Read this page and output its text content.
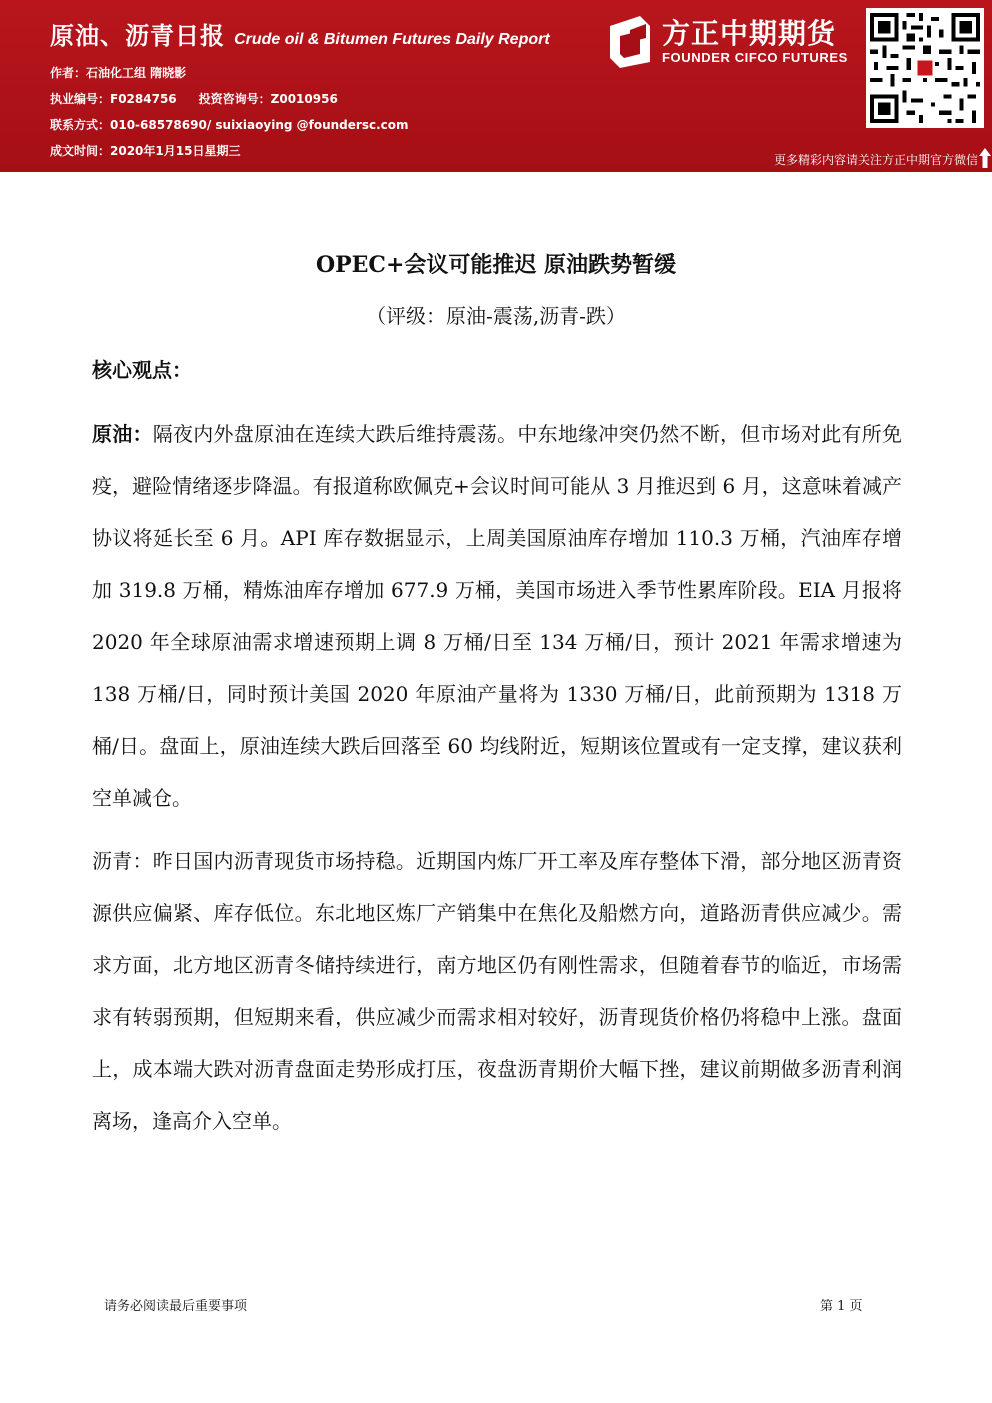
原油、沥青日报 Crude oil & Bitumen Futures Daily Report
作者：石油化工组 隋晓影
执业编号：F0284756 投资咨询号：Z0010956
联系方式：010-68578690/ suixiaoying @foundersc.com
成文时间：2020年1月15日星期三
方正中期期货
FOUNDER CIFCO FUTURES
更多精彩内容请关注方正中期官方微信
OPEC+会议可能推迟 原油跌势暂缓
（评级：原油-震荡,沥青-跌）
核心观点：
原油：隔夜内外盘原油在连续大跌后维持震荡。中东地缘冲突仍然不断，但市场对此有所免疫，避险情绪逐步降温。有报道称欧佩克+会议时间可能从 3 月推迟到 6 月，这意味着减产协议将延长至 6 月。API 库存数据显示，上周美国原油库存增加 110.3 万桶，汽油库存增加 319.8 万桶，精炼油库存增加 677.9 万桶，美国市场进入季节性累库阶段。EIA 月报将 2020 年全球原油需求增速预期上调 8 万桶/日至 134 万桶/日，预计 2021 年需求增速为 138 万桶/日，同时预计美国 2020 年原油产量将为 1330 万桶/日，此前预期为 1318 万桶/日。盘面上，原油连续大跌后回落至 60 均线附近，短期该位置或有一定支撑，建议获利空单减仓。
沥青：昨日国内沥青现货市场持稳。近期国内炼厂开工率及库存整体下滑，部分地区沥青资源供应偏紧、库存低位。东北地区炼厂产销集中在焦化及船燃方向，道路沥青供应减少。需求方面，北方地区沥青冬储持续进行，南方地区仍有刚性需求，但随着春节的临近，市场需求有转弱预期，但短期来看，供应减少而需求相对较好，沥青现货价格仍将稳中上涨。盘面上，成本端大跌对沥青盘面走势形成打压，夜盘沥青期价大幅下挫，建议前期做多沥青利润离场，逢高介入空单。
请务必阅读最后重要事项	第 1 页
